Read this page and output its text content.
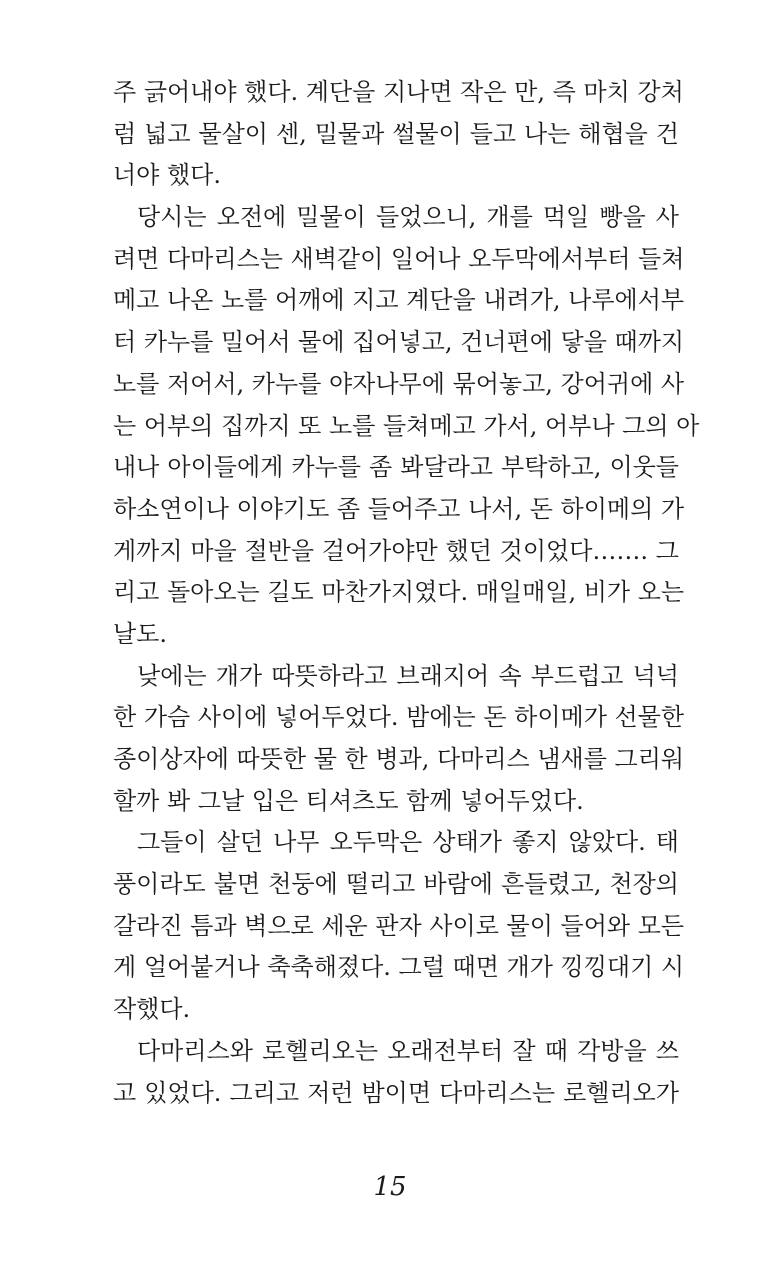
주 긁어내야 했다. 계단을 지나면 작은 만, 즉 마치 강처
럼 넓고 물살이 센, 밀물과 썰물이 들고 나는 해협을 건
너야 했다.
당시는 오전에 밀물이 들었으니, 개를 먹일 빵을 사
려면 다마리스는 새벽같이 일어나 오두막에서부터 들쳐
메고 나온 노를 어깨에 지고 계단을 내려가, 나루에서부
터 카누를 밀어서 물에 집어넣고, 건너편에 닿을 때까지
노를 저어서, 카누를 야자나무에 묶어놓고, 강어귀에 사
는 어부의 집까지 또 노를 들쳐메고 가서, 어부나 그의 아
내나 아이들에게 카누를 좀 봐달라고 부탁하고, 이웃들
하소연이나 이야기도 좀 들어주고 나서, 돈 하이메의 가
게까지 마을 절반을 걸어가야만 했던 것이었다……. 그
리고 돌아오는 길도 마찬가지였다. 매일매일, 비가 오는
날도.
낮에는 개가 따뜻하라고 브래지어 속 부드럽고 넉넉
한 가슴 사이에 넣어두었다. 밤에는 돈 하이메가 선물한
종이상자에 따뜻한 물 한 병과, 다마리스 냄새를 그리워
할까 봐 그날 입은 티셔츠도 함께 넣어두었다.
그들이 살던 나무 오두막은 상태가 좋지 않았다. 태
풍이라도 불면 천둥에 떨리고 바람에 흔들렸고, 천장의
갈라진 틈과 벽으로 세운 판자 사이로 물이 들어와 모든
게 얼어붙거나 축축해졌다. 그럴 때면 개가 낑낑대기 시
작했다.
다마리스와 로헬리오는 오래전부터 잘 때 각방을 쓰
고 있었다. 그리고 저런 밤이면 다마리스는 로헬리오가
15
